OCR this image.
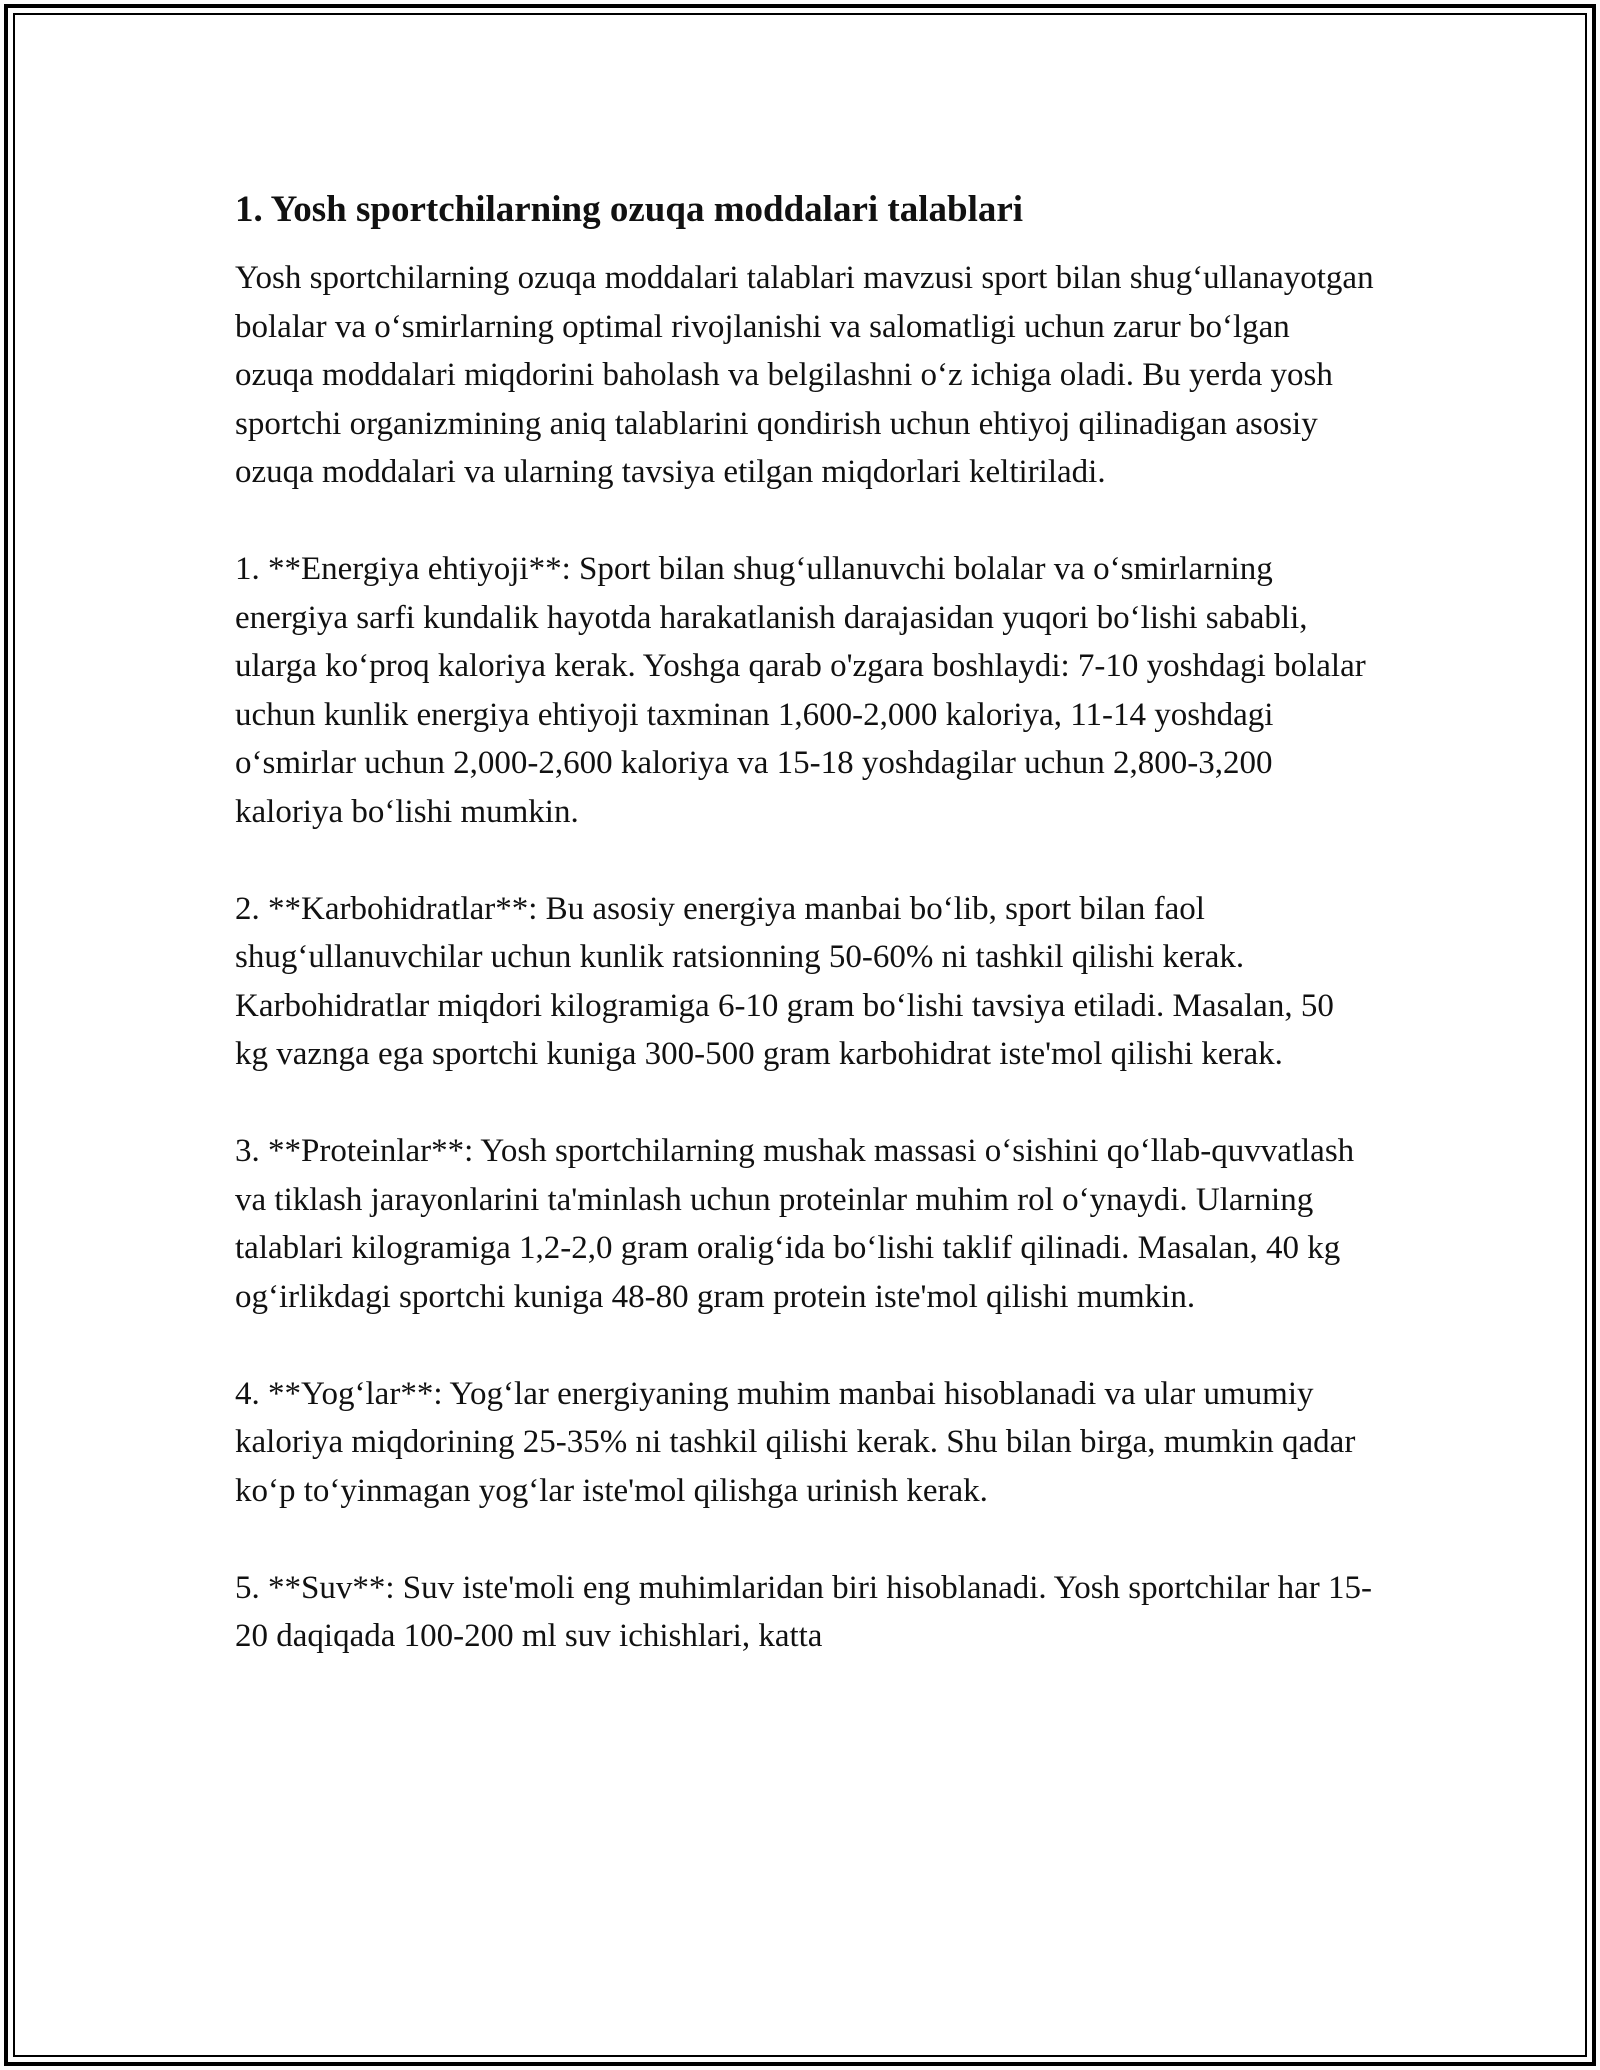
1. Yosh sportchilarning ozuqa moddalari talablari

Yosh sportchilarning ozuqa moddalari talablari mavzusi sport bilan shug‘ullanayotgan bolalar va o‘smirlarning optimal rivojlanishi va salomatligi uchun zarur bo‘lgan ozuqa moddalari miqdorini baholash va belgilashni o‘z ichiga oladi. Bu yerda yosh sportchi organizmining aniq talablarini qondirish uchun ehtiyoj qilinadigan asosiy ozuqa moddalari va ularning tavsiya etilgan miqdorlari keltiriladi.

1. **Energiya ehtiyoji**: Sport bilan shug‘ullanuvchi bolalar va o‘smirlarning energiya sarfi kundalik hayotda harakatlanish darajasidan yuqori bo‘lishi sababli, ularga ko‘proq kaloriya kerak. Yoshga qarab o'zgara boshlaydi: 7-10 yoshdagi bolalar uchun kunlik energiya ehtiyoji taxminan 1,600-2,000 kaloriya, 11-14 yoshdagi o‘smirlar uchun 2,000-2,600 kaloriya va 15-18 yoshdagilar uchun 2,800-3,200 kaloriya bo‘lishi mumkin.

2. **Karbohidratlar**: Bu asosiy energiya manbai bo‘lib, sport bilan faol shug‘ullanuvchilar uchun kunlik ratsionning 50-60% ni tashkil qilishi kerak. Karbohidratlar miqdori kilogramiga 6-10 gram bo‘lishi tavsiya etiladi. Masalan, 50 kg vaznga ega sportchi kuniga 300-500 gram karbohidrat iste'mol qilishi kerak.

3. **Proteinlar**: Yosh sportchilarning mushak massasi o‘sishini qo‘llab-quvvatlash va tiklash jarayonlarini ta'minlash uchun proteinlar muhim rol o‘ynaydi. Ularning talablari kilogramiga 1,2-2,0 gram oralig‘ida bo‘lishi taklif qilinadi. Masalan, 40 kg og‘irlikdagi sportchi kuniga 48-80 gram protein iste'mol qilishi mumkin.

4. **Yog‘lar**: Yog‘lar energiyaning muhim manbai hisoblanadi va ular umumiy kaloriya miqdorining 25-35% ni tashkil qilishi kerak. Shu bilan birga, mumkin qadar ko‘p to‘yinmagan yog‘lar iste'mol qilishga urinish kerak.

5. **Suv**: Suv iste'moli eng muhimlaridan biri hisoblanadi. Yosh sportchilar har 15-20 daqiqada 100-200 ml suv ichishlari, katta
